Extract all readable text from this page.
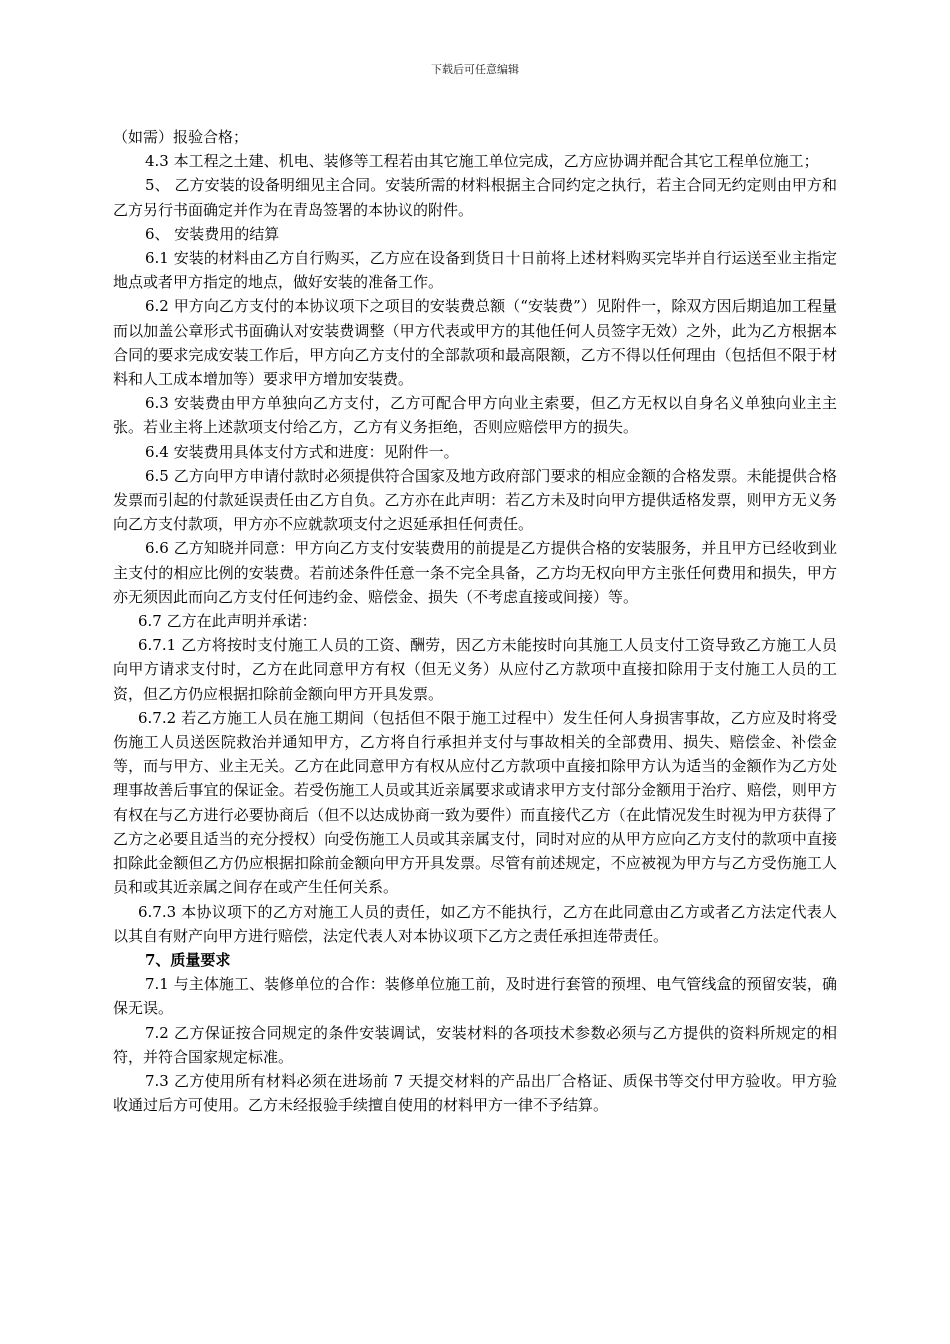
下载后可任意编辑

（如需）报验合格；

4.3 本工程之土建、机电、装修等工程若由其它施工单位完成，乙方应协调并配合其它工程单位施工；

5、 乙方安装的设备明细见主合同。安装所需的材料根据主合同约定之执行，若主合同无约定则由甲方和乙方另行书面确定并作为在青岛签署的本协议的附件。

6、 安装费用的结算

6.1 安装的材料由乙方自行购买，乙方应在设备到货日十日前将上述材料购买完毕并自行运送至业主指定地点或者甲方指定的地点，做好安装的准备工作。

6.2 甲方向乙方支付的本协议项下之项目的安装费总额（“安装费”）见附件一，除双方因后期追加工程量而以加盖公章形式书面确认对安装费调整（甲方代表或甲方的其他任何人员签字无效）之外，此为乙方根据本合同的要求完成安装工作后，甲方向乙方支付的全部款项和最高限额，乙方不得以任何理由（包括但不限于材料和人工成本增加等）要求甲方增加安装费。

6.3 安装费由甲方单独向乙方支付，乙方可配合甲方向业主索要，但乙方无权以自身名义单独向业主主张。若业主将上述款项支付给乙方，乙方有义务拒绝，否则应赔偿甲方的损失。

6.4 安装费用具体支付方式和进度：见附件一。

6.5 乙方向甲方申请付款时必须提供符合国家及地方政府部门要求的相应金额的合格发票。未能提供合格发票而引起的付款延误责任由乙方自负。乙方亦在此声明：若乙方未及时向甲方提供适格发票，则甲方无义务向乙方支付款项，甲方亦不应就款项支付之迟延承担任何责任。

6.6 乙方知晓并同意：甲方向乙方支付安装费用的前提是乙方提供合格的安装服务，并且甲方已经收到业主支付的相应比例的安装费。若前述条件任意一条不完全具备，乙方均无权向甲方主张任何费用和损失，甲方亦无须因此而向乙方支付任何违约金、赔偿金、损失（不考虑直接或间接）等。

6.7 乙方在此声明并承诺：

6.7.1 乙方将按时支付施工人员的工资、酬劳，因乙方未能按时向其施工人员支付工资导致乙方施工人员向甲方请求支付时，乙方在此同意甲方有权（但无义务）从应付乙方款项中直接扣除用于支付施工人员的工资，但乙方仍应根据扣除前金额向甲方开具发票。

6.7.2 若乙方施工人员在施工期间（包括但不限于施工过程中）发生任何人身损害事故，乙方应及时将受伤施工人员送医院救治并通知甲方，乙方将自行承担并支付与事故相关的全部费用、损失、赔偿金、补偿金等，而与甲方、业主无关。乙方在此同意甲方有权从应付乙方款项中直接扣除甲方认为适当的金额作为乙方处理事故善后事宜的保证金。若受伤施工人员或其近亲属要求或请求甲方支付部分金额用于治疗、赔偿，则甲方有权在与乙方进行必要协商后（但不以达成协商一致为要件）而直接代乙方（在此情况发生时视为甲方获得了乙方之必要且适当的充分授权）向受伤施工人员或其亲属支付，同时对应的从甲方应向乙方支付的款项中直接扣除此金额但乙方仍应根据扣除前金额向甲方开具发票。尽管有前述规定，不应被视为甲方与乙方受伤施工人员和或其近亲属之间存在或产生任何关系。

6.7.3 本协议项下的乙方对施工人员的责任，如乙方不能执行，乙方在此同意由乙方或者乙方法定代表人以其自有财产向甲方进行赔偿，法定代表人对本协议项下乙方之责任承担连带责任。

7、质量要求

7.1 与主体施工、装修单位的合作：装修单位施工前，及时进行套管的预埋、电气管线盒的预留安装，确保无误。

7.2 乙方保证按合同规定的条件安装调试，安装材料的各项技术参数必须与乙方提供的资料所规定的相符，并符合国家规定标准。

7.3 乙方使用所有材料必须在进场前 7 天提交材料的产品出厂合格证、质保书等交付甲方验收。甲方验收通过后方可使用。乙方未经报验手续擅自使用的材料甲方一律不予结算。
